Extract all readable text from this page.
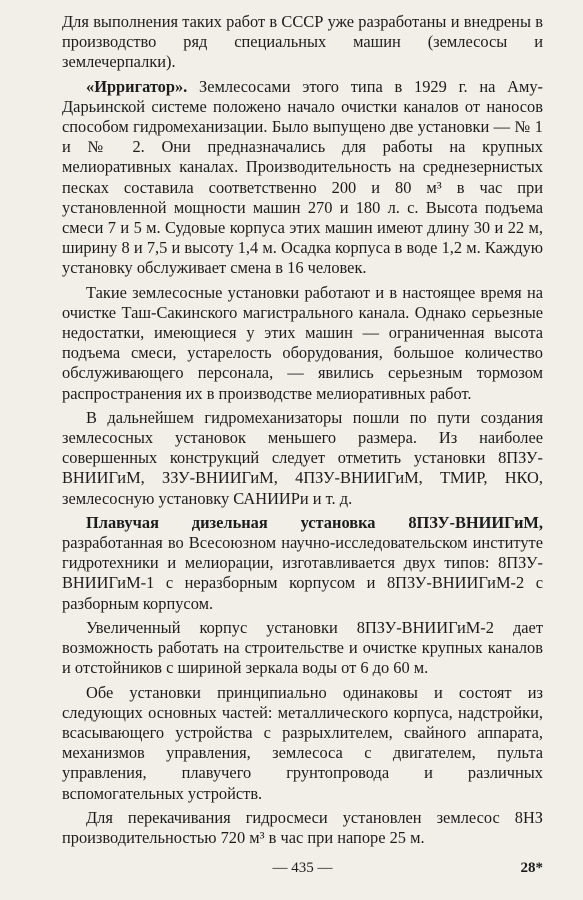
Для выполнения таких работ в СССР уже разработаны и внедрены в производство ряд специальных машин (землесосы и землечерпалки).

«Ирригатор». Землесосами этого типа в 1929 г. на Аму-Дарьинской системе положено начало очистки каналов от наносов способом гидромеханизации. Было выпущено две установки — № 1 и № 2. Они предназначались для работы на крупных мелиоративных каналах. Производительность на среднезернистых песках составила соответственно 200 и 80 м³ в час при установленной мощности машин 270 и 180 л. с. Высота подъема смеси 7 и 5 м. Судовые корпуса этих машин имеют длину 30 и 22 м, ширину 8 и 7,5 и высоту 1,4 м. Осадка корпуса в воде 1,2 м. Каждую установку обслуживает смена в 16 человек.

Такие землесосные установки работают и в настоящее время на очистке Таш-Сакинского магистрального канала. Однако серьезные недостатки, имеющиеся у этих машин — ограниченная высота подъема смеси, устарелость оборудования, большое количество обслуживающего персонала, — явились серьезным тормозом распространения их в производстве мелиоративных работ.

В дальнейшем гидромеханизаторы пошли по пути создания землесосных установок меньшего размера. Из наиболее совершенных конструкций следует отметить установки 8ПЗУ-ВНИИГиМ, ЗЗУ-ВНИИГиМ, 4ПЗУ-ВНИИГиМ, ТМИР, НКО, землесосную установку САНИИРи и т. д.

Плавучая дизельная установка 8ПЗУ-ВНИИГиМ, разработанная во Всесоюзном научно-исследовательском институте гидротехники и мелиорации, изготавливается двух типов: 8ПЗУ-ВНИИГиМ-1 с неразборным корпусом и 8ПЗУ-ВНИИГиМ-2 с разборным корпусом.

Увеличенный корпус установки 8ПЗУ-ВНИИГиМ-2 дает возможность работать на строительстве и очистке крупных каналов и отстойников с шириной зеркала воды от 6 до 60 м.

Обе установки принципиально одинаковы и состоят из следующих основных частей: металлического корпуса, надстройки, всасывающего устройства с разрыхлителем, свайного аппарата, механизмов управления, землесоса с двигателем, пульта управления, плавучего грунтопровода и различных вспомогательных устройств.

Для перекачивания гидросмеси установлен землесос 8НЗ производительностью 720 м³ в час при напоре 25 м.

— 435 —	28*
